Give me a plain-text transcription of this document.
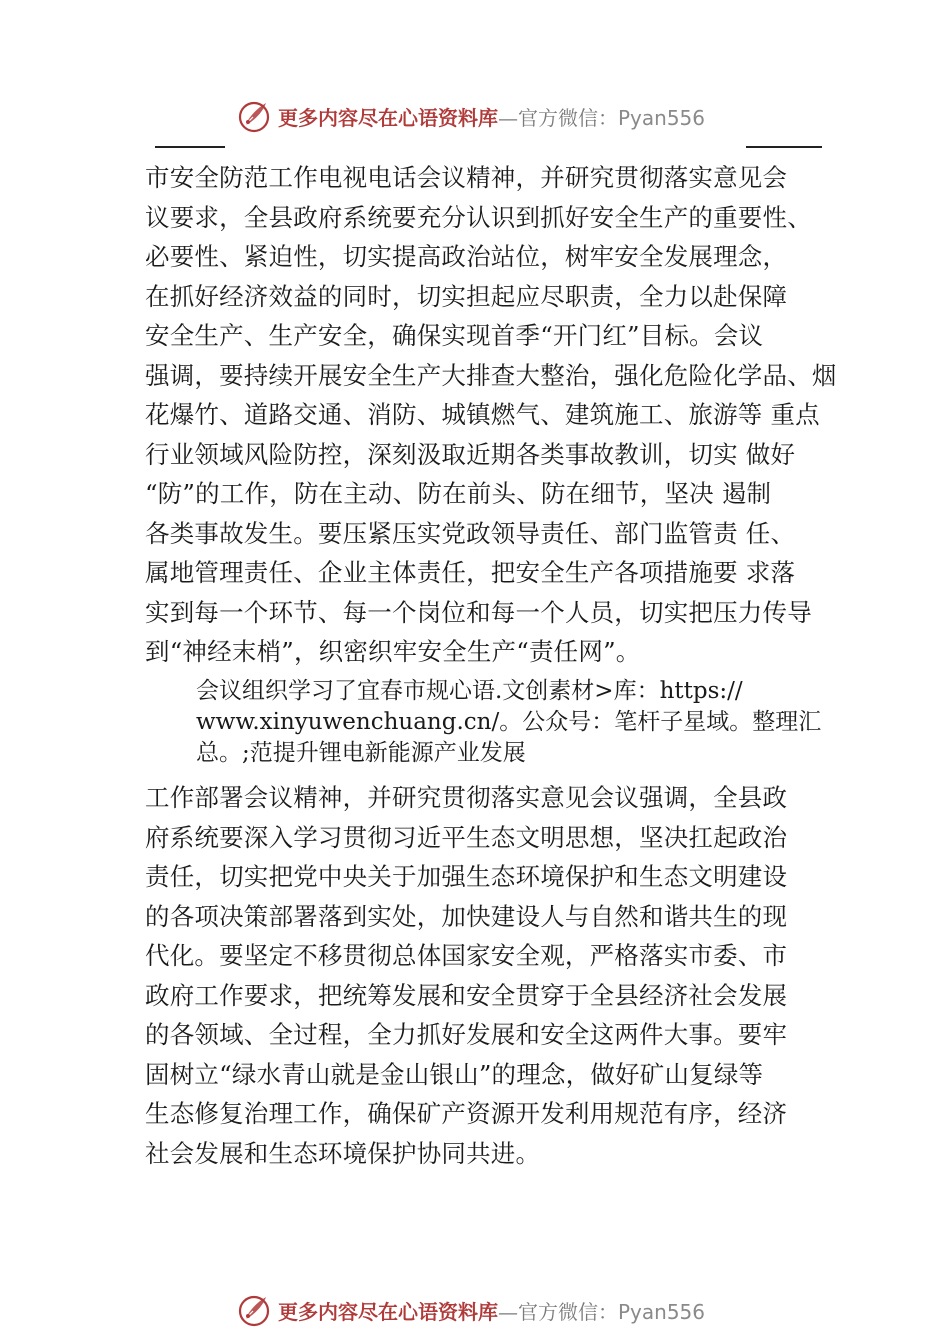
更多内容尽在心语资料库—官方微信：Pyan556
市安全防范工作电视电话会议精神，并研究贯彻落实意见会
议要求，全县政府系统要充分认识到抓好安全生产的重要性、
必要性、紧迫性，切实提高政治站位，树牢安全发展理念，
在抓好经济效益的同时，切实担起应尽职责，全力以赴保障
安全生产、生产安全，确保实现首季“开门红”目标。会议
强调，要持续开展安全生产大排查大整治，强化危险化学品、烟
花爆竹、道路交通、消防、城镇燃气、建筑施工、旅游等 重点
行业领域风险防控，深刻汲取近期各类事故教训，切实 做好
“防”的工作，防在主动、防在前头、防在细节，坚决 遏制
各类事故发生。要压紧压实党政领导责任、部门监管责 任、
属地管理责任、企业主体责任，把安全生产各项措施要 求落
实到每一个环节、每一个岗位和每一个人员，切实把压力传导
到“神经末梢”，织密织牢安全生产“责任网”。
会议组织学习了宜春市规心语.文创素材>库：https://
www.xinyuwenchuang.cn/。公众号：笔杆子星域。整理汇
总。;范提升锂电新能源产业发展
工作部署会议精神，并研究贯彻落实意见会议强调，全县政
府系统要深入学习贯彻习近平生态文明思想，坚决扛起政治
责任，切实把党中央关于加强生态环境保护和生态文明建设
的各项决策部署落到实处，加快建设人与自然和谐共生的现
代化。要坚定不移贯彻总体国家安全观，严格落实市委、市
政府工作要求，把统筹发展和安全贯穿于全县经济社会发展
的各领域、全过程，全力抓好发展和安全这两件大事。要牢
固树立“绿水青山就是金山银山”的理念，做好矿山复绿等
生态修复治理工作，确保矿产资源开发利用规范有序，经济
社会发展和生态环境保护协同共进。
更多内容尽在心语资料库—官方微信：Pyan556
